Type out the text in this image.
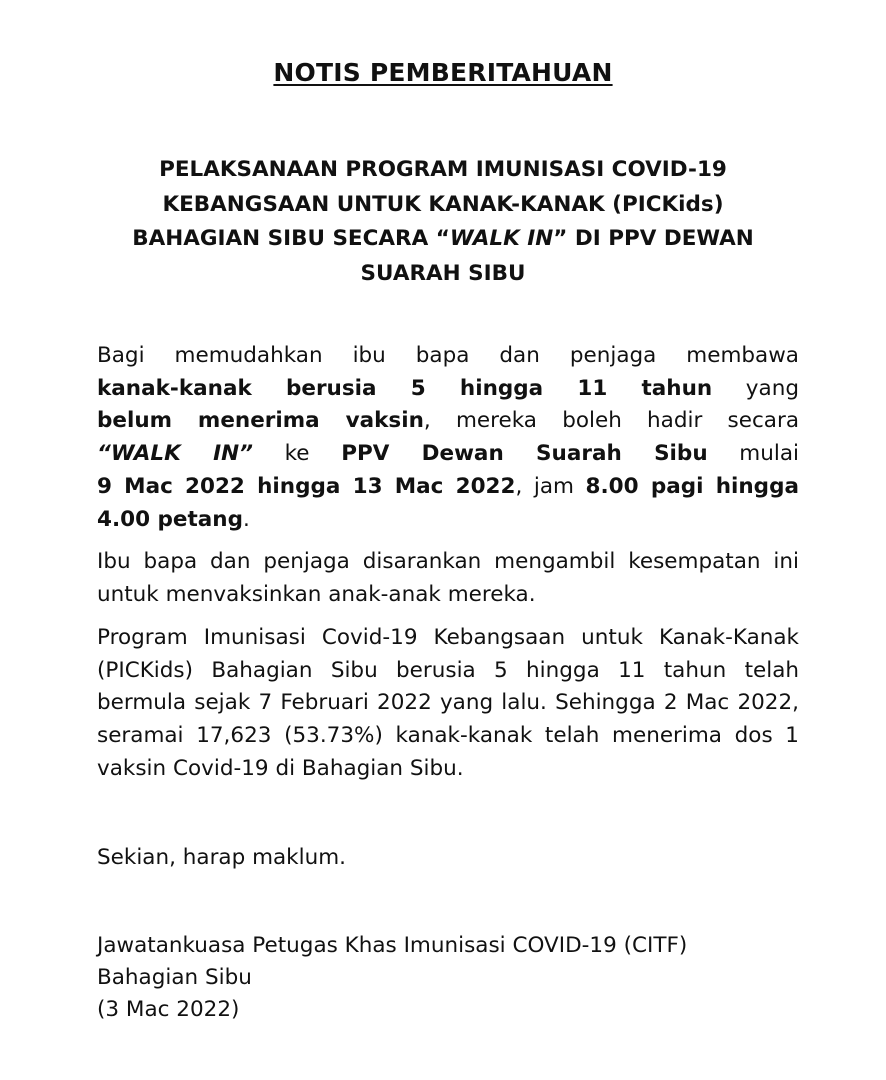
NOTIS PEMBERITAHUAN
PELAKSANAAN PROGRAM IMUNISASI COVID-19
KEBANGSAAN UNTUK KANAK-KANAK (PICKids)
BAHAGIAN SIBU SECARA “WALK IN” DI PPV DEWAN
SUARAH SIBU
Bagi memudahkan ibu bapa dan penjaga membawa
kanak-kanak berusia 5 hingga 11 tahun yang
belum menerima vaksin, mereka boleh hadir secara
“WALK IN” ke PPV Dewan Suarah Sibu mulai
9 Mac 2022 hingga 13 Mac 2022, jam 8.00 pagi hingga
4.00 petang.
Ibu bapa dan penjaga disarankan mengambil kesempatan ini
untuk menvaksinkan anak-anak mereka.
Program Imunisasi Covid-19 Kebangsaan untuk Kanak-Kanak
(PICKids) Bahagian Sibu berusia 5 hingga 11 tahun telah
bermula sejak 7 Februari 2022 yang lalu. Sehingga 2 Mac 2022,
seramai 17,623 (53.73%) kanak-kanak telah menerima dos 1
vaksin Covid-19 di Bahagian Sibu.
Sekian, harap maklum.
Jawatankuasa Petugas Khas Imunisasi COVID-19 (CITF)
Bahagian Sibu
(3 Mac 2022)
